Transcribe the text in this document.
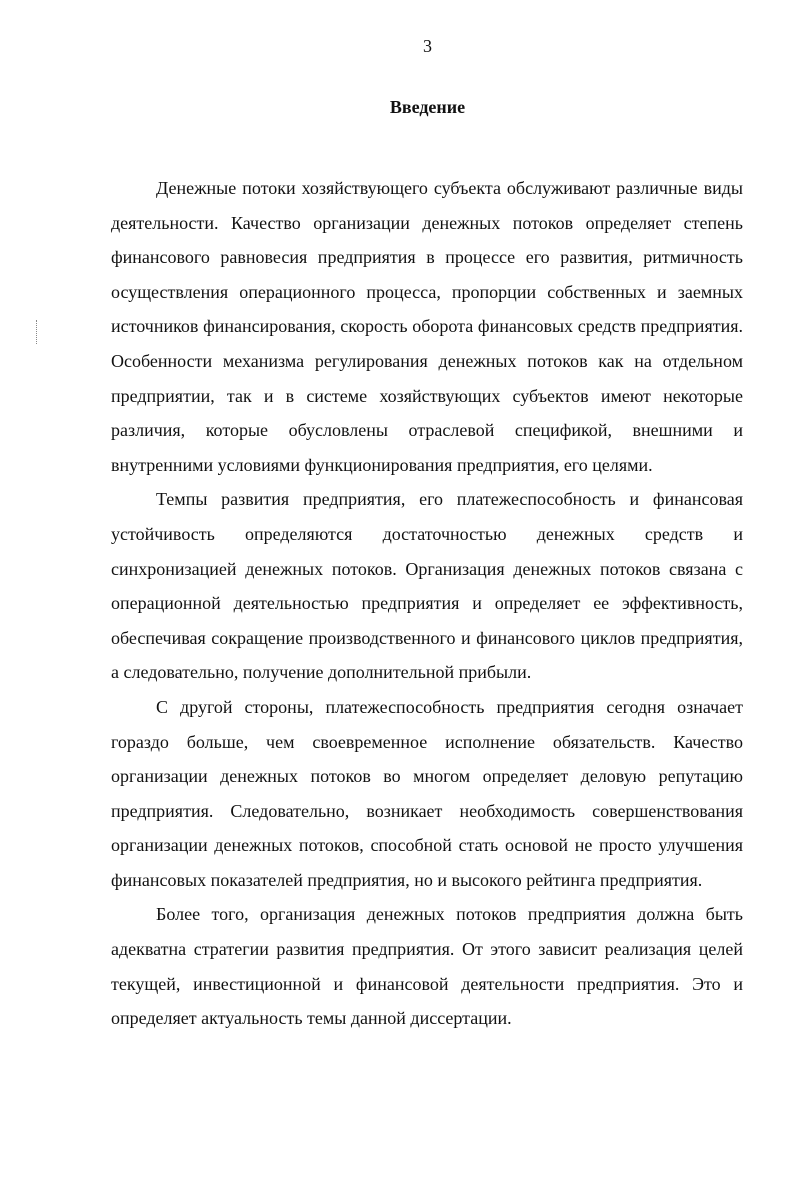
3
Введение

Денежные потоки хозяйствующего субъекта обслуживают различные виды деятельности. Качество организации денежных потоков определяет степень финансового равновесия предприятия в процессе его развития, ритмичность осуществления операционного процесса, пропорции собственных и заемных источников финансирования, скорость оборота финансовых средств предприятия. Особенности механизма регулирования денежных потоков как на отдельном предприятии, так и в системе хозяйствующих субъектов имеют некоторые различия, которые обусловлены отраслевой спецификой, внешними и внутренними условиями функционирования предприятия, его целями.

Темпы развития предприятия, его платежеспособность и финансовая устойчивость определяются достаточностью денежных средств и синхронизацией денежных потоков. Организация денежных потоков связана с операционной деятельностью предприятия и определяет ее эффективность, обеспечивая сокращение производственного и финансового циклов предприятия, а следовательно, получение дополнительной прибыли.

С другой стороны, платежеспособность предприятия сегодня означает гораздо больше, чем своевременное исполнение обязательств. Качество организации денежных потоков во многом определяет деловую репутацию предприятия. Следовательно, возникает необходимость совершенствования организации денежных потоков, способной стать основой не просто улучшения финансовых показателей предприятия, но и высокого рейтинга предприятия.

Более того, организация денежных потоков предприятия должна быть адекватна стратегии развития предприятия. От этого зависит реализация целей текущей, инвестиционной и финансовой деятельности предприятия. Это и определяет актуальность темы данной диссертации.
